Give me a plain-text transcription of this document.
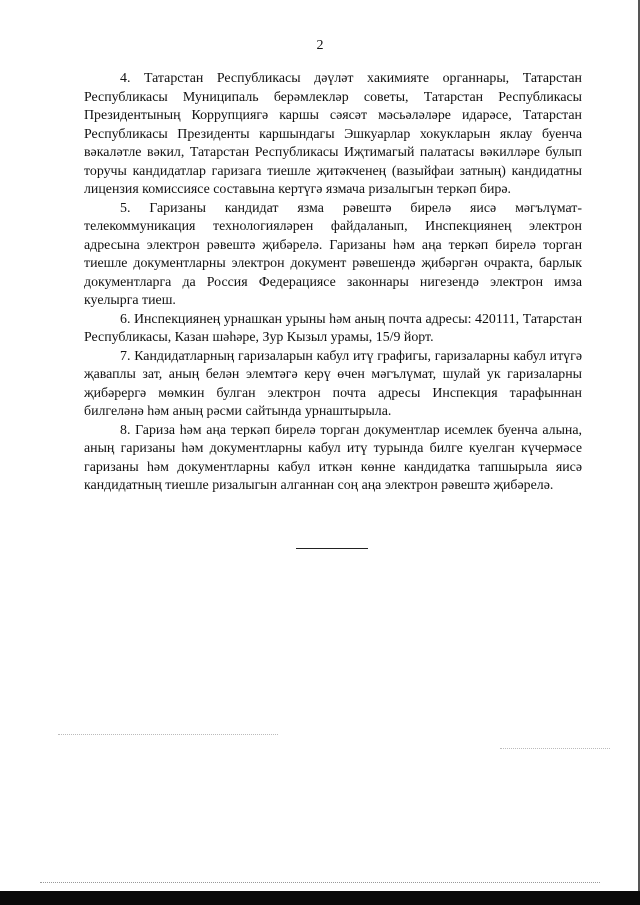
2

4. Татарстан Республикасы дәүләт хакимияте органнары, Татарстан Республикасы Муниципаль берәмлекләр советы, Татарстан Республикасы Президентының Коррупциягә каршы сәясәт мәсьәләләре идарәсе, Татарстан Республикасы Президенты каршындагы Эшкуарлар хокукларын яклау буенча вәкаләтле вәкил, Татарстан Республикасы Иҗтимагый палатасы вәкилләре булып торучы кандидатлар гаризага тиешле җитәкченең (вазыйфаи затның) кандидатны лицензия комиссиясе составына кертүгә язмача ризалыгын теркәп бирә.

5. Гаризаны кандидат язма рәвештә бирелә яисә мәгълүмат-телекоммуникация технологияләрен файдаланып, Инспекциянең электрон адресына электрон рәвештә җибәрелә. Гаризаны һәм аңа теркәп бирелә торган тиешле документларны электрон документ рәвешендә җибәргән очракта, барлык документларга да Россия Федерациясе законнары нигезендә электрон имза куелырга тиеш.

6. Инспекциянең урнашкан урыны һәм аның почта адресы: 420111, Татарстан Республикасы, Казан шәһәре, Зур Кызыл урамы, 15/9 йорт.

7. Кандидатларның гаризаларын кабул итү графигы, гаризаларны кабул итүгә җаваплы зат, аның белән элемтәгә керү өчен мәгълүмат, шулай ук гаризаларны җибәрергә мөмкин булган электрон почта адресы Инспекция тарафыннан билгеләнә һәм аның рәсми сайтында урнаштырыла.

8. Гариза һәм аңа теркәп бирелә торган документлар исемлек буенча алына, аның гаризаны һәм документларны кабул итү турында билге куелган күчермәсе гаризаны һәм документларны кабул иткән көнне кандидатка тапшырыла яисә кандидатның тиешле ризалыгын алганнан соң аңа электрон рәвештә җибәрелә.
